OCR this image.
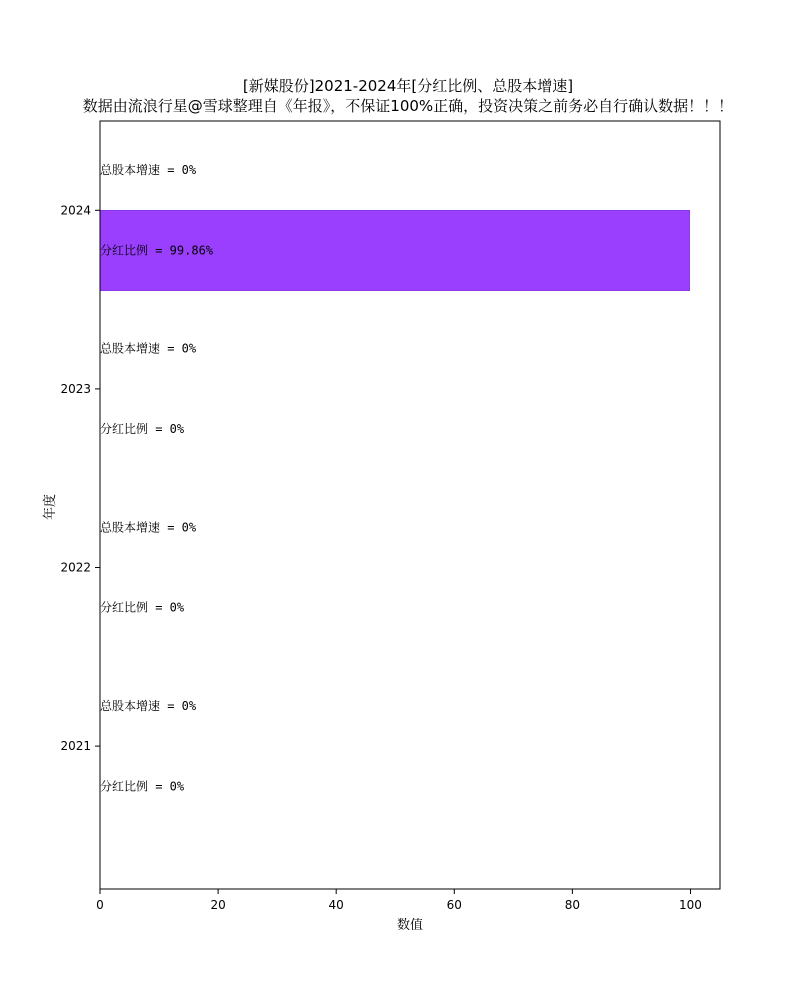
[新媒股份]2021-2024年[分红比例、总股本增速]
数据由流浪行星@雪球整理自《年报》，不保证100%正确，投资决策之前务必自行确认数据！！！
分红比例 = 0%
总股本增速 = 0%
分红比例 = 0%
总股本增速 = 0%
分红比例 = 0%
总股本增速 = 0%
分红比例 = 99.86%
总股本增速 = 0%
0	20	40	60	80	100
2021
2022
2023
2024
数值
年度
